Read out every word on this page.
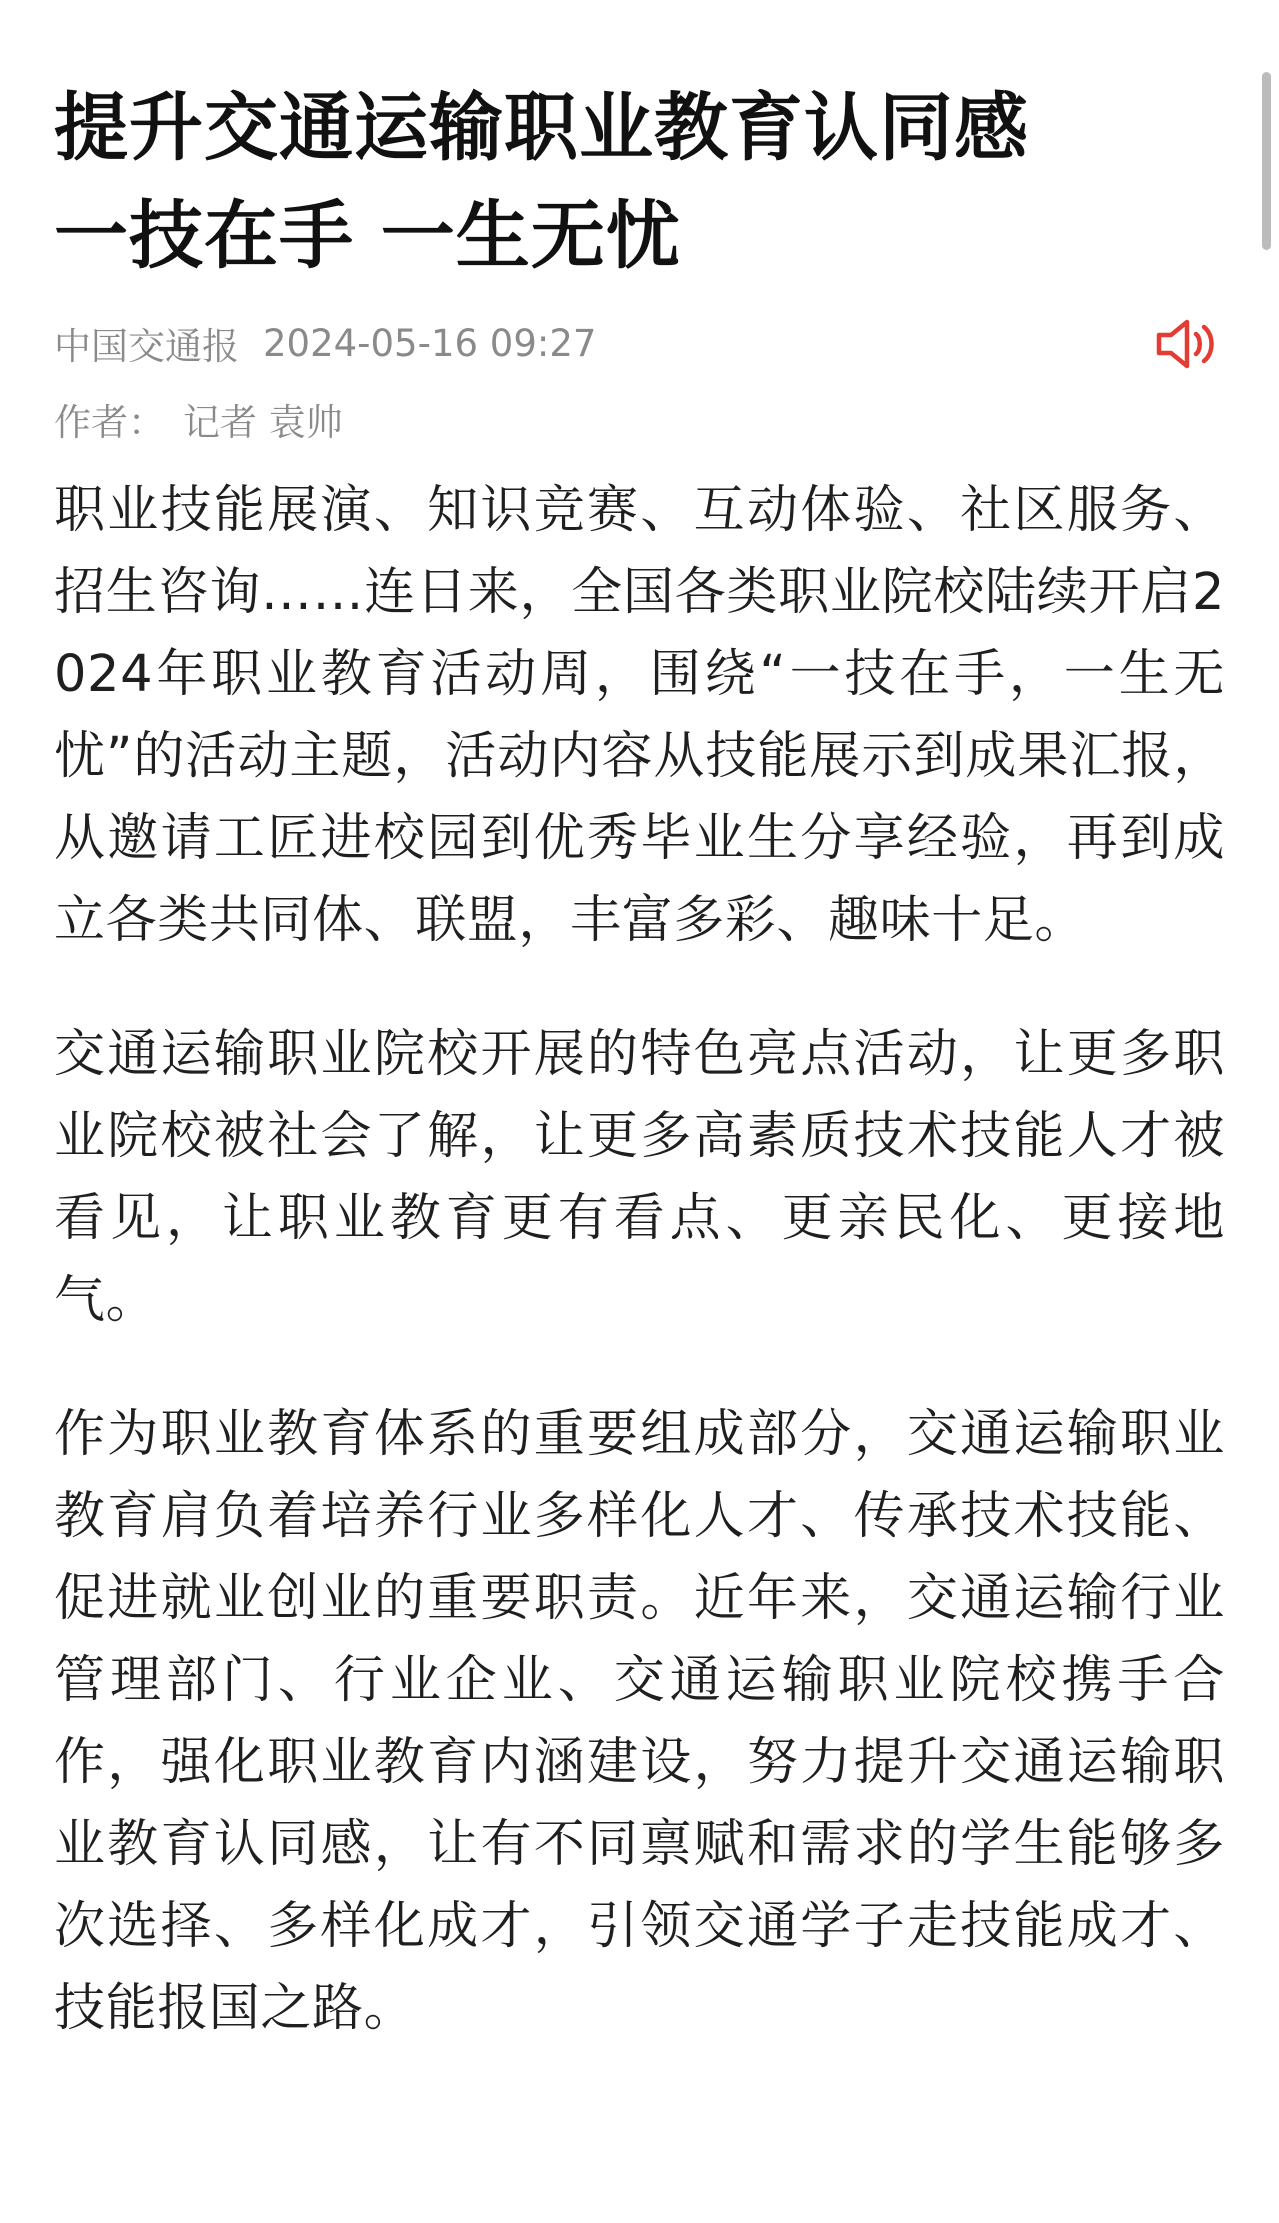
提升交通运输职业教育认同感
一技在手 一生无忧
中国交通报 2024-05-16 09:27
作者： 记者 袁帅

职业技能展演、知识竞赛、互动体验、社区服务、招生咨询……连日来，全国各类职业院校陆续开启2024年职业教育活动周，围绕“一技在手，一生无忧”的活动主题，活动内容从技能展示到成果汇报，从邀请工匠进校园到优秀毕业生分享经验，再到成立各类共同体、联盟，丰富多彩、趣味十足。

交通运输职业院校开展的特色亮点活动，让更多职业院校被社会了解，让更多高素质技术技能人才被看见，让职业教育更有看点、更亲民化、更接地气。

作为职业教育体系的重要组成部分，交通运输职业教育肩负着培养行业多样化人才、传承技术技能、促进就业创业的重要职责。近年来，交通运输行业管理部门、行业企业、交通运输职业院校携手合作，强化职业教育内涵建设，努力提升交通运输职业教育认同感，让有不同禀赋和需求的学生能够多次选择、多样化成才，引领交通学子走技能成才、技能报国之路。
